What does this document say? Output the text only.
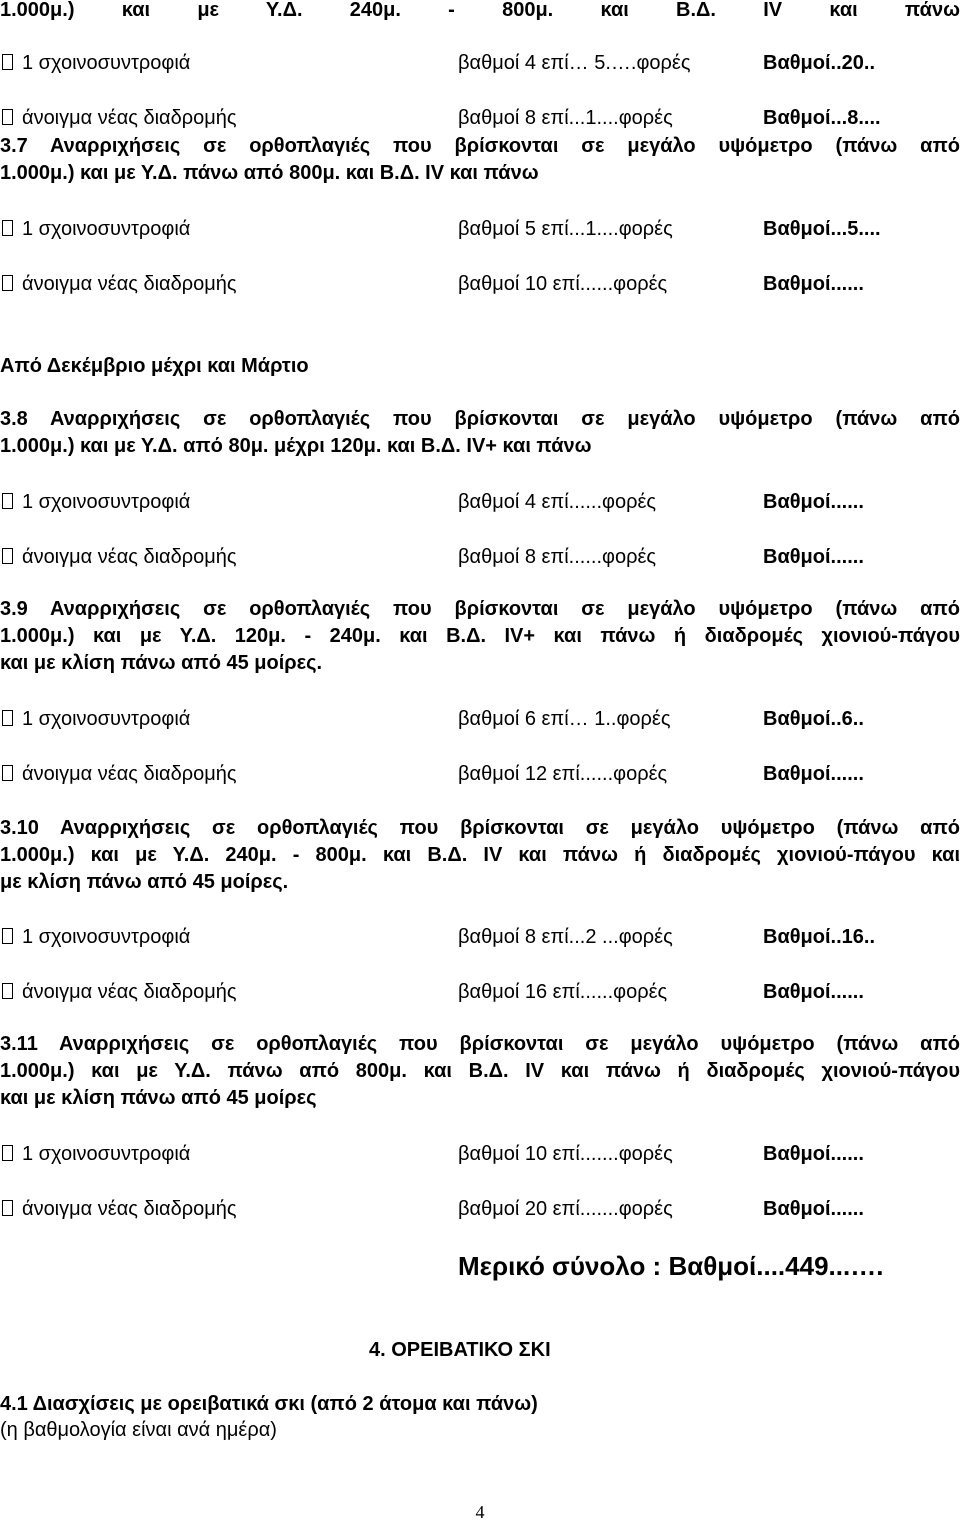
1.000μ.) και με Υ.Δ. 240μ. - 800μ. και Β.Δ. IV και πάνω
1 σχοινοσυντροφιά	βαθμοί 4 επί… 5.….φορές	Βαθμοί..20..
άνοιγμα νέας διαδρομής	βαθμοί 8 επί...1....φορές	Βαθμοί...8....
3.7 Αναρριχήσεις σε ορθοπλαγιές που βρίσκονται σε μεγάλο υψόμετρο (πάνω από
1.000μ.) και με Υ.Δ. πάνω από 800μ. και Β.Δ. IV και πάνω
1 σχοινοσυντροφιά	βαθμοί 5 επί...1....φορές	Βαθμοί...5....
άνοιγμα νέας διαδρομής	βαθμοί 10 επί......φορές	Βαθμοί......
Από Δεκέμβριο μέχρι και Μάρτιο
3.8 Αναρριχήσεις σε ορθοπλαγιές που βρίσκονται σε μεγάλο υψόμετρο (πάνω από
1.000μ.) και με Υ.Δ. από 80μ. μέχρι 120μ. και Β.Δ. IV+ και πάνω
1 σχοινοσυντροφιά	βαθμοί 4 επί......φορές	Βαθμοί......
άνοιγμα νέας διαδρομής	βαθμοί 8 επί......φορές	Βαθμοί......
3.9 Αναρριχήσεις σε ορθοπλαγιές που βρίσκονται σε μεγάλο υψόμετρο (πάνω από
1.000μ.) και με Υ.Δ. 120μ. - 240μ. και Β.Δ. IV+ και πάνω ή διαδρομές χιονιού-πάγου
και με κλίση πάνω από 45 μοίρες.
1 σχοινοσυντροφιά	βαθμοί 6 επί… 1..φορές	Βαθμοί..6..
άνοιγμα νέας διαδρομής	βαθμοί 12 επί......φορές	Βαθμοί......
3.10 Αναρριχήσεις σε ορθοπλαγιές που βρίσκονται σε μεγάλο υψόμετρο (πάνω από
1.000μ.) και με Υ.Δ. 240μ. - 800μ. και Β.Δ. IV και πάνω ή διαδρομές χιονιού-πάγου και
με κλίση πάνω από 45 μοίρες.
1 σχοινοσυντροφιά	βαθμοί 8 επί...2 ...φορές	Βαθμοί..16..
άνοιγμα νέας διαδρομής	βαθμοί 16 επί......φορές	Βαθμοί......
3.11 Αναρριχήσεις σε ορθοπλαγιές που βρίσκονται σε μεγάλο υψόμετρο (πάνω από
1.000μ.) και με Υ.Δ. πάνω από 800μ. και Β.Δ. IV και πάνω ή διαδρομές χιονιού-πάγου
και με κλίση πάνω από 45 μοίρες
1 σχοινοσυντροφιά	βαθμοί 10 επί.......φορές	Βαθμοί......
άνοιγμα νέας διαδρομής	βαθμοί 20 επί.......φορές	Βαθμοί......
Μερικό σύνολο : Βαθμοί....449...….
4. ΟΡΕΙΒΑΤΙΚΟ ΣΚΙ
4.1 Διασχίσεις με ορειβατικά σκι (από 2 άτομα και πάνω)
(η βαθμολογία είναι ανά ημέρα)
4
